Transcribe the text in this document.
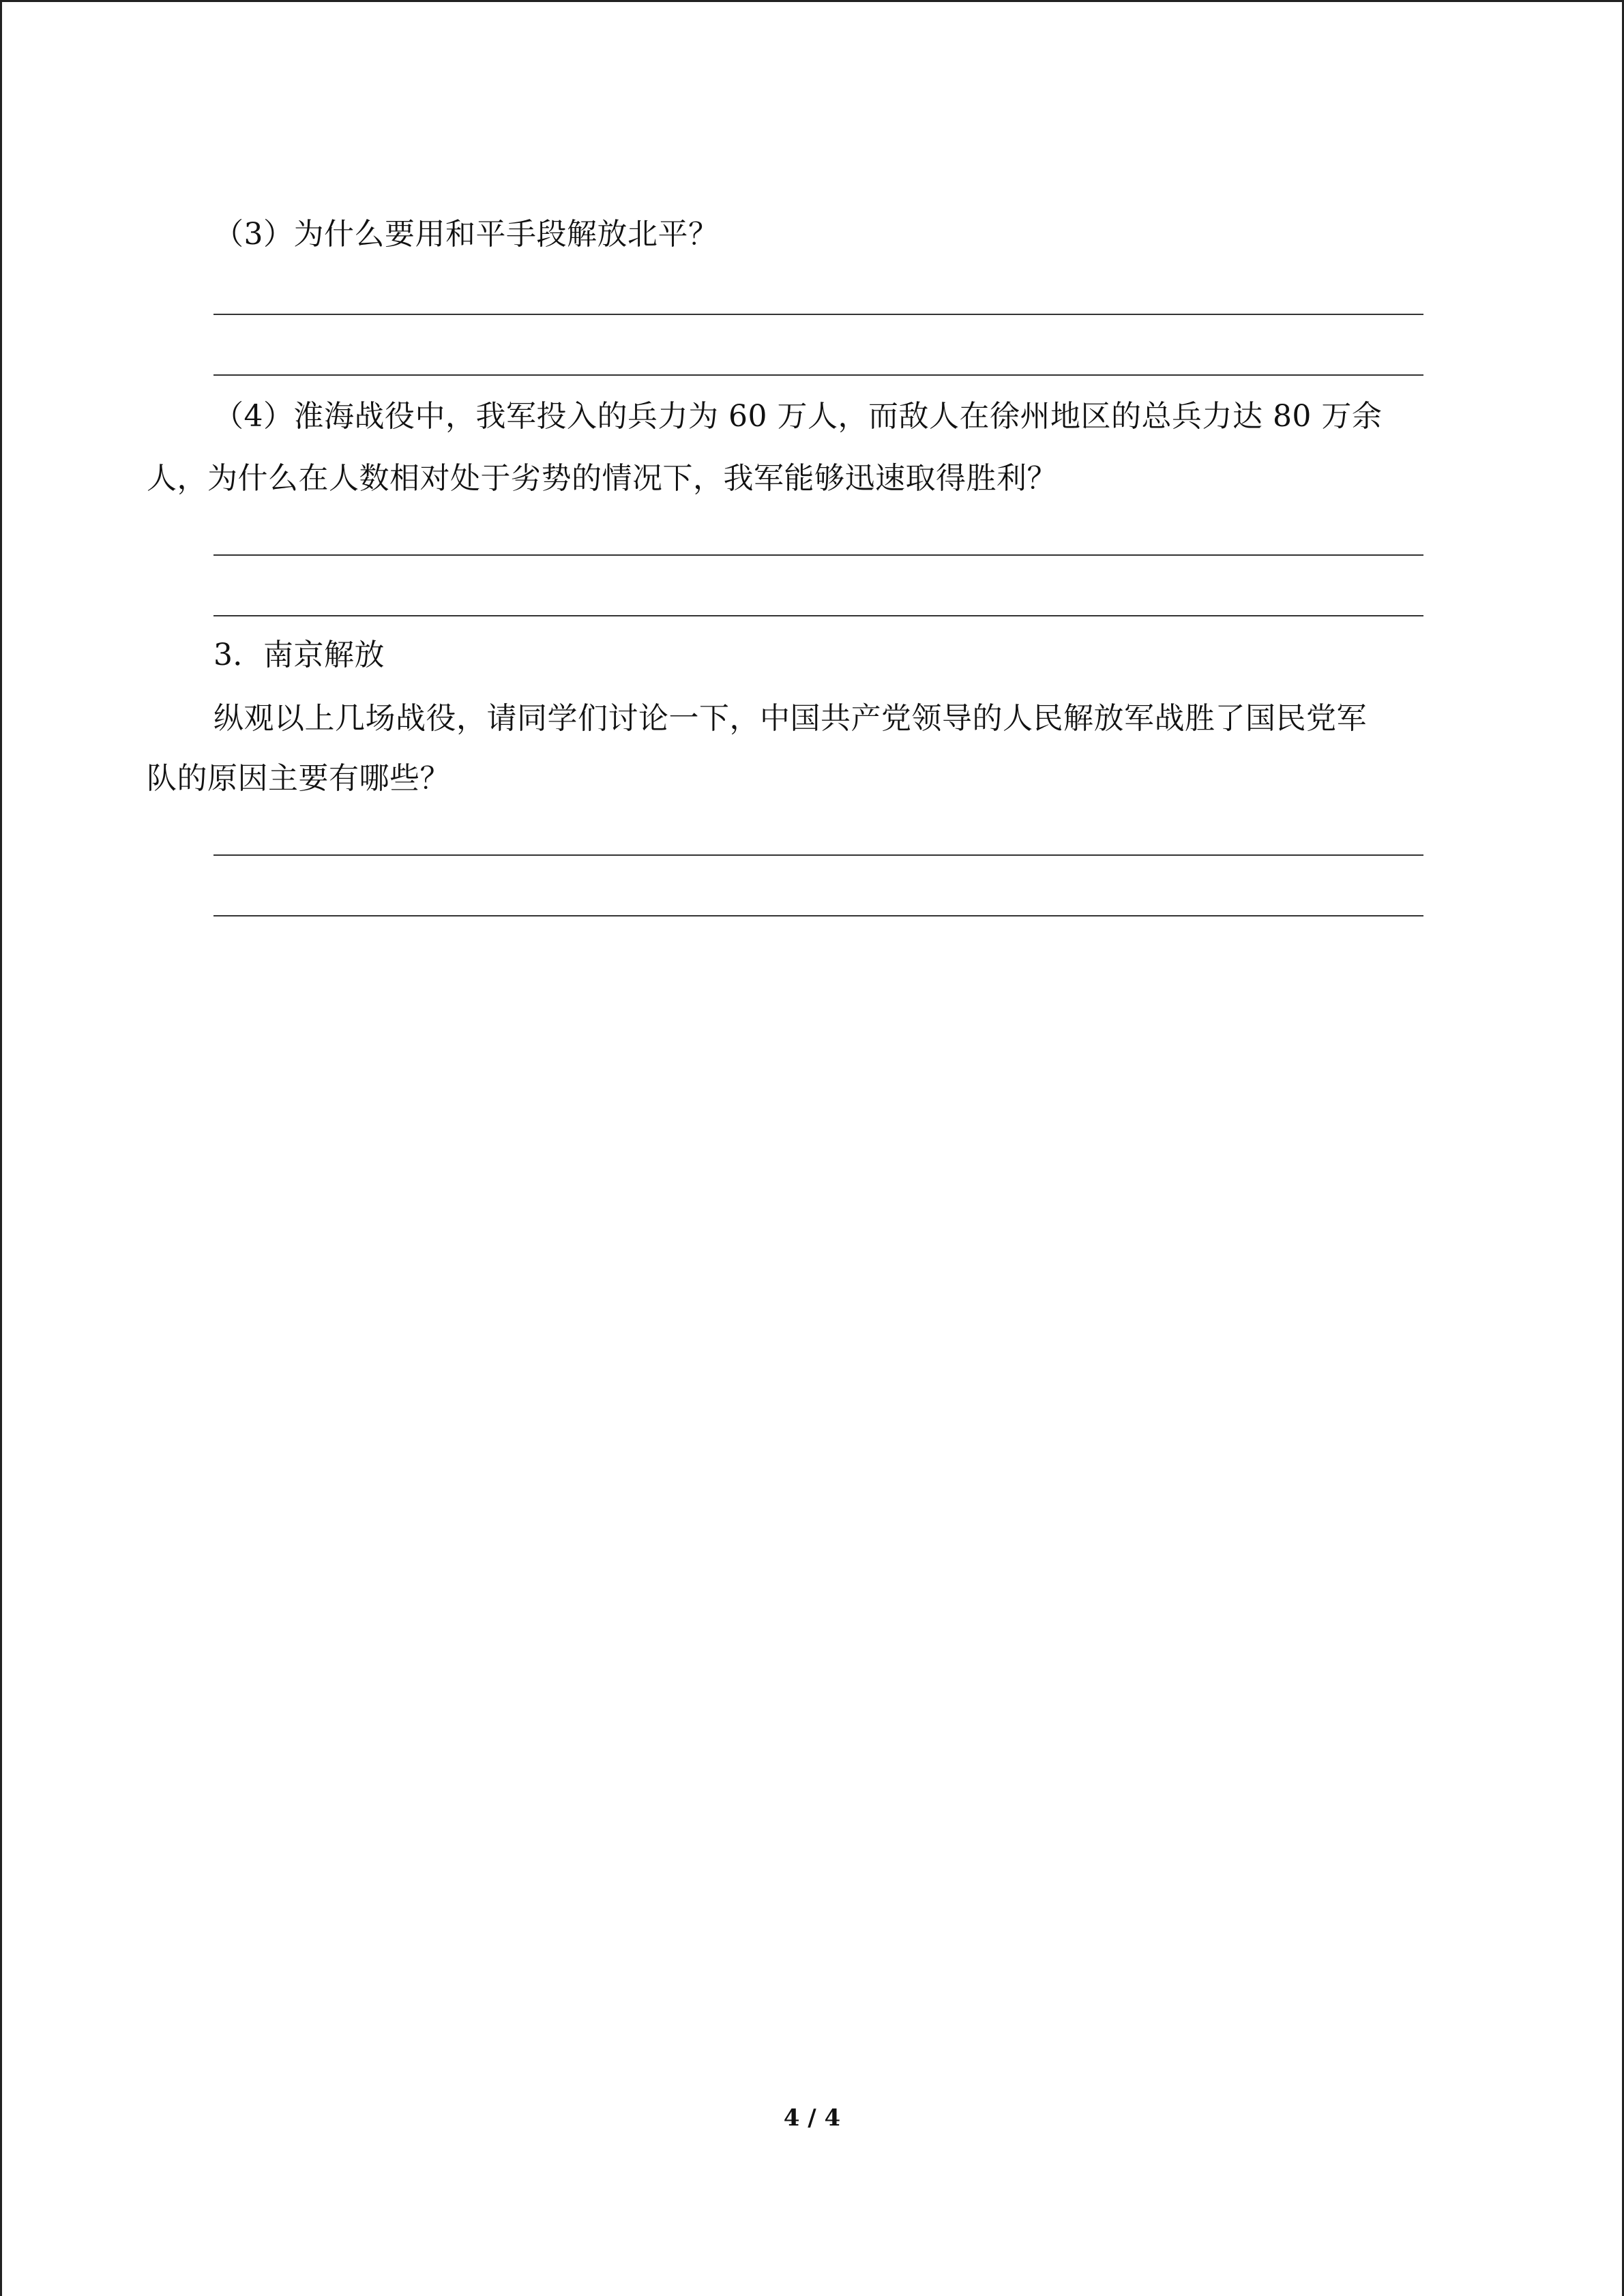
（3）为什么要用和平手段解放北平？
（4）淮海战役中，我军投入的兵力为 60 万人，而敌人在徐州地区的总兵力达 80 万余
人，为什么在人数相对处于劣势的情况下，我军能够迅速取得胜利？
3．南京解放
纵观以上几场战役，请同学们讨论一下，中国共产党领导的人民解放军战胜了国民党军
队的原因主要有哪些？
4 / 4
